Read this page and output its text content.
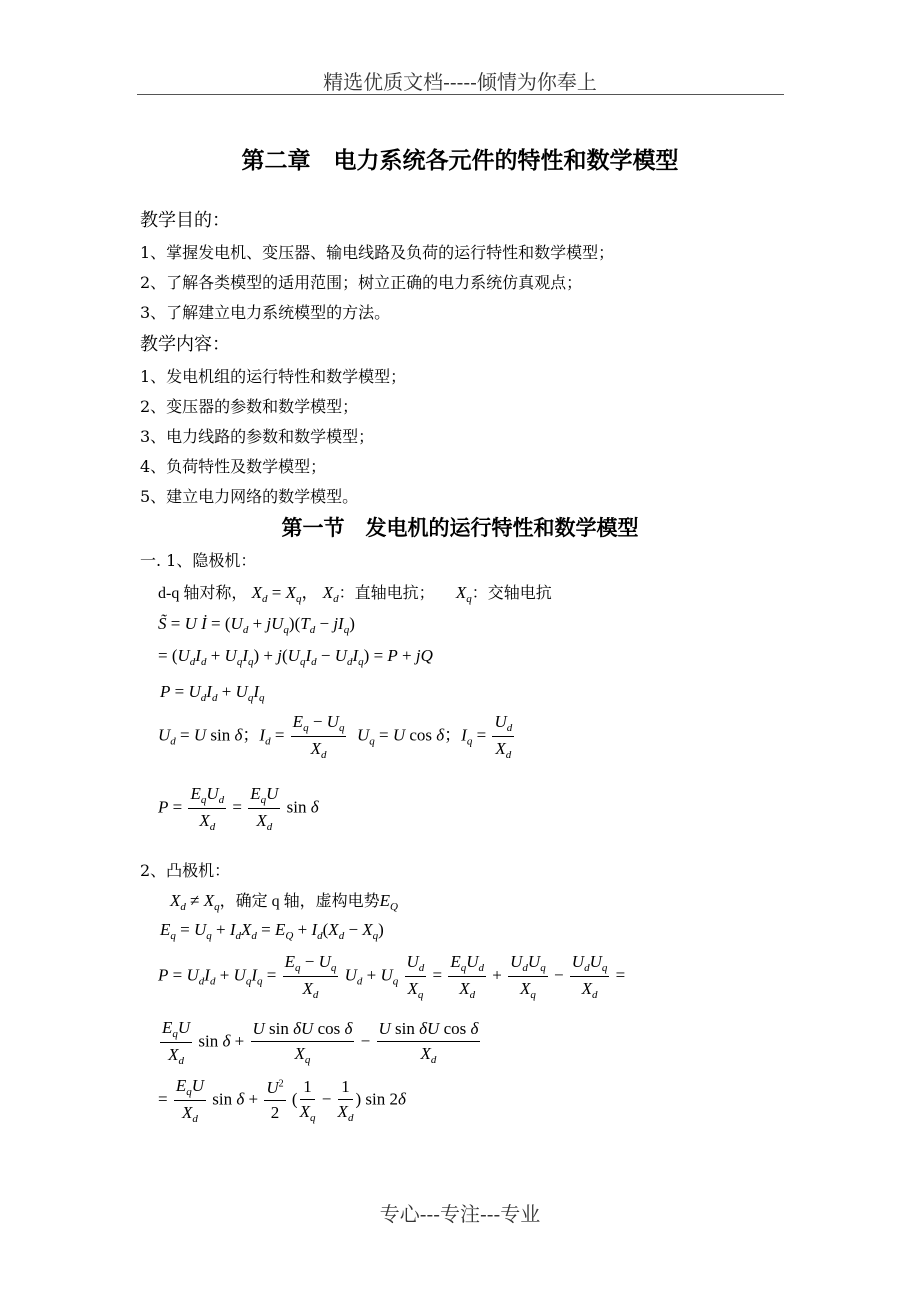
精选优质文档-----倾情为你奉上
第二章　电力系统各元件的特性和数学模型
教学目的：
1、掌握发电机、变压器、输电线路及负荷的运行特性和数学模型；
2、了解各类模型的适用范围；树立正确的电力系统仿真观点；
3、了解建立电力系统模型的方法。
教学内容：
1、发电机组的运行特性和数学模型；
2、变压器的参数和数学模型；
3、电力线路的参数和数学模型；
4、负荷特性及数学模型；
5、建立电力网络的数学模型。
第一节　发电机的运行特性和数学模型
一. 1、隐极机：
d-q 轴对称， $X_d = X_q$， $X_d$：直轴电抗； $X_q$：交轴电抗
S̃ = U İ = $(U_d + jU_q)(T_d - jI_q)$
= $(U_dI_d + U_qI_q) + j(U_qI_d - U_dI_q) = P$ + jQ
$P = U_dI_d + U_qI_q$
$U_d = U$ sin δ；$I_d = \frac{E_q - U_q}{X_d} U_q = U$ cos δ；$I_q = \frac{U_d}{X_d}$
$P = \frac{E_qU_d}{X_d} = \frac{E_qU}{X_d}$ sin δ
2、凸极机：
$X_d \ne X_q$，确定 q 轴，虚构电势$E_Q$
$E_q = U_q + I_dX_d = E_Q + I_d(X_d - X_q)$
$P = U_dI_d + U_qI_q = \frac{E_q - U_q}{X_d} U_d + U_q \frac{U_d}{X_q} = \frac{E_qU_d}{X_d} + \frac{U_dU_q}{X_q} - \frac{U_dU_q}{X_d}$ =
$\frac{E_qU}{X_d}$ $\sin \delta + \frac{\text{U sin δU cos δ}}{X_q} - \frac{\text{U sin δU cos δ}}{X_d}$
= $\frac{E_qU}{X_d}$ $\sin \delta + \frac{U^2}{2}$ ( $\frac{1}{X_q} - \frac{1}{X_d}$ ) sin 2δ
专心---专注---专业
